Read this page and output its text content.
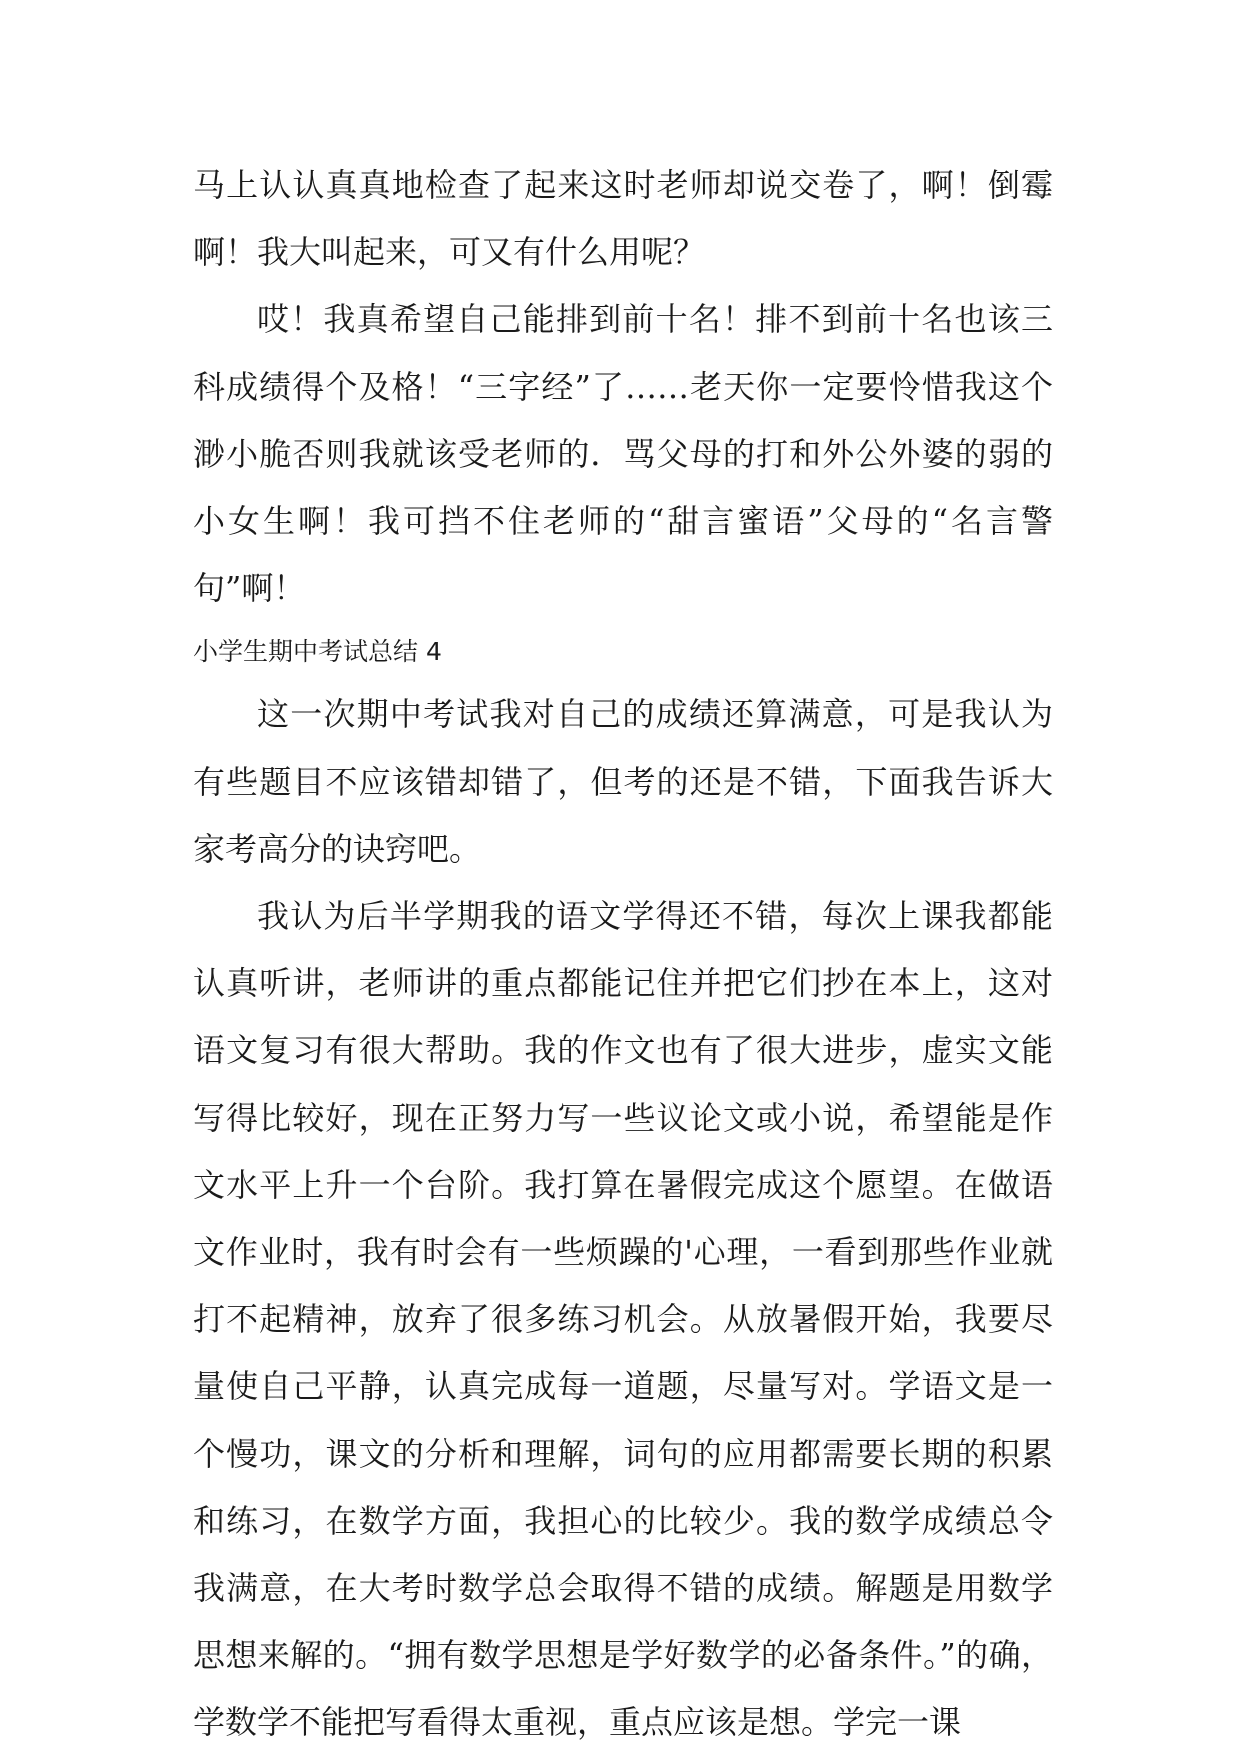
马上认认真真地检查了起来这时老师却说交卷了，啊！倒霉啊！我大叫起来，可又有什么用呢？

哎！我真希望自己能排到前十名！排不到前十名也该三科成绩得个及格！“三字经”了……老天你一定要怜惜我这个渺小脆否则我就该受老师的．骂父母的打和外公外婆的弱的小女生啊！我可挡不住老师的“甜言蜜语”父母的“名言警句”啊！

小学生期中考试总结 4

这一次期中考试我对自己的成绩还算满意，可是我认为有些题目不应该错却错了，但考的还是不错，下面我告诉大家考高分的诀窍吧。

我认为后半学期我的语文学得还不错，每次上课我都能认真听讲，老师讲的重点都能记住并把它们抄在本上，这对语文复习有很大帮助。我的作文也有了很大进步，虚实文能写得比较好，现在正努力写一些议论文或小说，希望能是作文水平上升一个台阶。我打算在暑假完成这个愿望。在做语文作业时，我有时会有一些烦躁的'心理，一看到那些作业就打不起精神，放弃了很多练习机会。从放暑假开始，我要尽量使自己平静，认真完成每一道题，尽量写对。学语文是一个慢功，课文的分析和理解，词句的应用都需要长期的积累和练习，在数学方面，我担心的比较少。我的数学成绩总令我满意，在大考时数学总会取得不错的成绩。解题是用数学思想来解的。“拥有数学思想是学好数学的必备条件。”的确，学数学不能把写看得太重视，重点应该是想。学完一课
